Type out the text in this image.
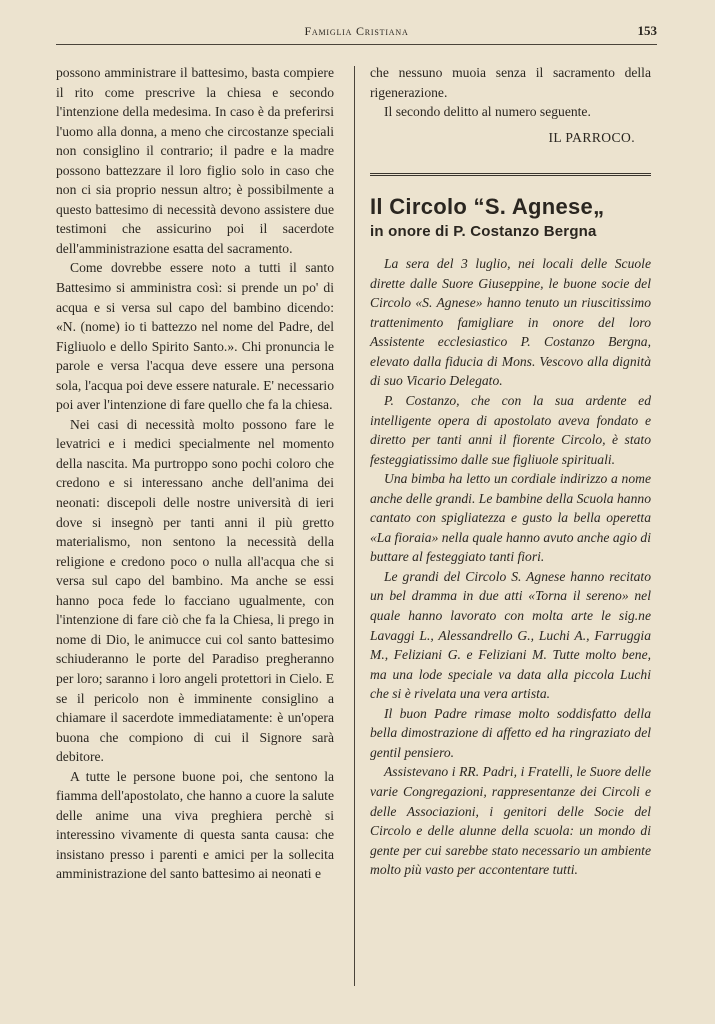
Famiglia Cristiana	153

possono amministrare il battesimo, basta compiere il rito come prescrive la chiesa e secondo l'intenzione della medesima. In caso è da preferirsi l'uomo alla donna, a meno che circostanze speciali non consiglino il contrario; il padre e la madre possono battezzare il loro figlio solo in caso che non ci sia proprio nessun altro; è possibilmente a questo battesimo di necessità devono assistere due testimoni che assicurino poi il sacerdote dell'amministrazione esatta del sacramento.

Come dovrebbe essere noto a tutti il santo Battesimo si amministra così: si prende un po' di acqua e si versa sul capo del bambino dicendo: «N. (nome) io ti battezzo nel nome del Padre, del Figliuolo e dello Spirito Santo.». Chi pronuncia le parole e versa l'acqua deve essere una persona sola, l'acqua poi deve essere naturale. E' necessario poi aver l'intenzione di fare quello che fa la chiesa.

Nei casi di necessità molto possono fare le levatrici e i medici specialmente nel momento della nascita. Ma purtroppo sono pochi coloro che credono e si interessano anche dell'anima dei neonati: discepoli delle nostre università di ieri dove si insegnò per tanti anni il più gretto materialismo, non sentono la necessità della religione e credono poco o nulla all'acqua che si versa sul capo del bambino. Ma anche se essi hanno poca fede lo facciano ugualmente, con l'intenzione di fare ciò che fa la Chiesa, li prego in nome di Dio, le animucce cui col santo battesimo schiuderanno le porte del Paradiso pregheranno per loro; saranno i loro angeli protettori in Cielo. E se il pericolo non è imminente consiglino a chiamare il sacerdote immediatamente: è un'opera buona che compiono di cui il Signore sarà debitore.

A tutte le persone buone poi, che sentono la fiamma dell'apostolato, che hanno a cuore la salute delle anime una viva preghiera perchè si interessino vivamente di questa santa causa: che insistano presso i parenti e amici per la sollecita amministrazione del santo battesimo ai neonati e

che nessuno muoia senza il sacramento della rigenerazione.

Il secondo delitto al numero seguente.

IL PARROCO.

Il Circolo “S. Agnese„
in onore di P. Costanzo Bergna

La sera del 3 luglio, nei locali delle Scuole dirette dalle Suore Giuseppine, le buone socie del Circolo «S. Agnese» hanno tenuto un riuscitissimo trattenimento famigliare in onore del loro Assistente ecclesiastico P. Costanzo Bergna, elevato dalla fiducia di Mons. Vescovo alla dignità di suo Vicario Delegato.

P. Costanzo, che con la sua ardente ed intelligente opera di apostolato aveva fondato e diretto per tanti anni il fiorente Circolo, è stato festeggiatissimo dalle sue figliuole spirituali.

Una bimba ha letto un cordiale indirizzo a nome anche delle grandi. Le bambine della Scuola hanno cantato con spigliatezza e gusto la bella operetta «La fioraia» nella quale hanno avuto anche agio di buttare al festeggiato tanti fiori.

Le grandi del Circolo S. Agnese hanno recitato un bel dramma in due atti «Torna il sereno» nel quale hanno lavorato con molta arte le sig.ne Lavaggi L., Alessandrello G., Luchi A., Farruggia M., Feliziani G. e Feliziani M. Tutte molto bene, ma una lode speciale va data alla piccola Luchi che si è rivelata una vera artista.

Il buon Padre rimase molto soddisfatto della bella dimostrazione di affetto ed ha ringraziato del gentil pensiero.

Assistevano i RR. Padri, i Fratelli, le Suore delle varie Congregazioni, rappresentanze dei Circoli e delle Associazioni, i genitori delle Socie del Circolo e delle alunne della scuola: un mondo di gente per cui sarebbe stato necessario un ambiente molto più vasto per accontentare tutti.
